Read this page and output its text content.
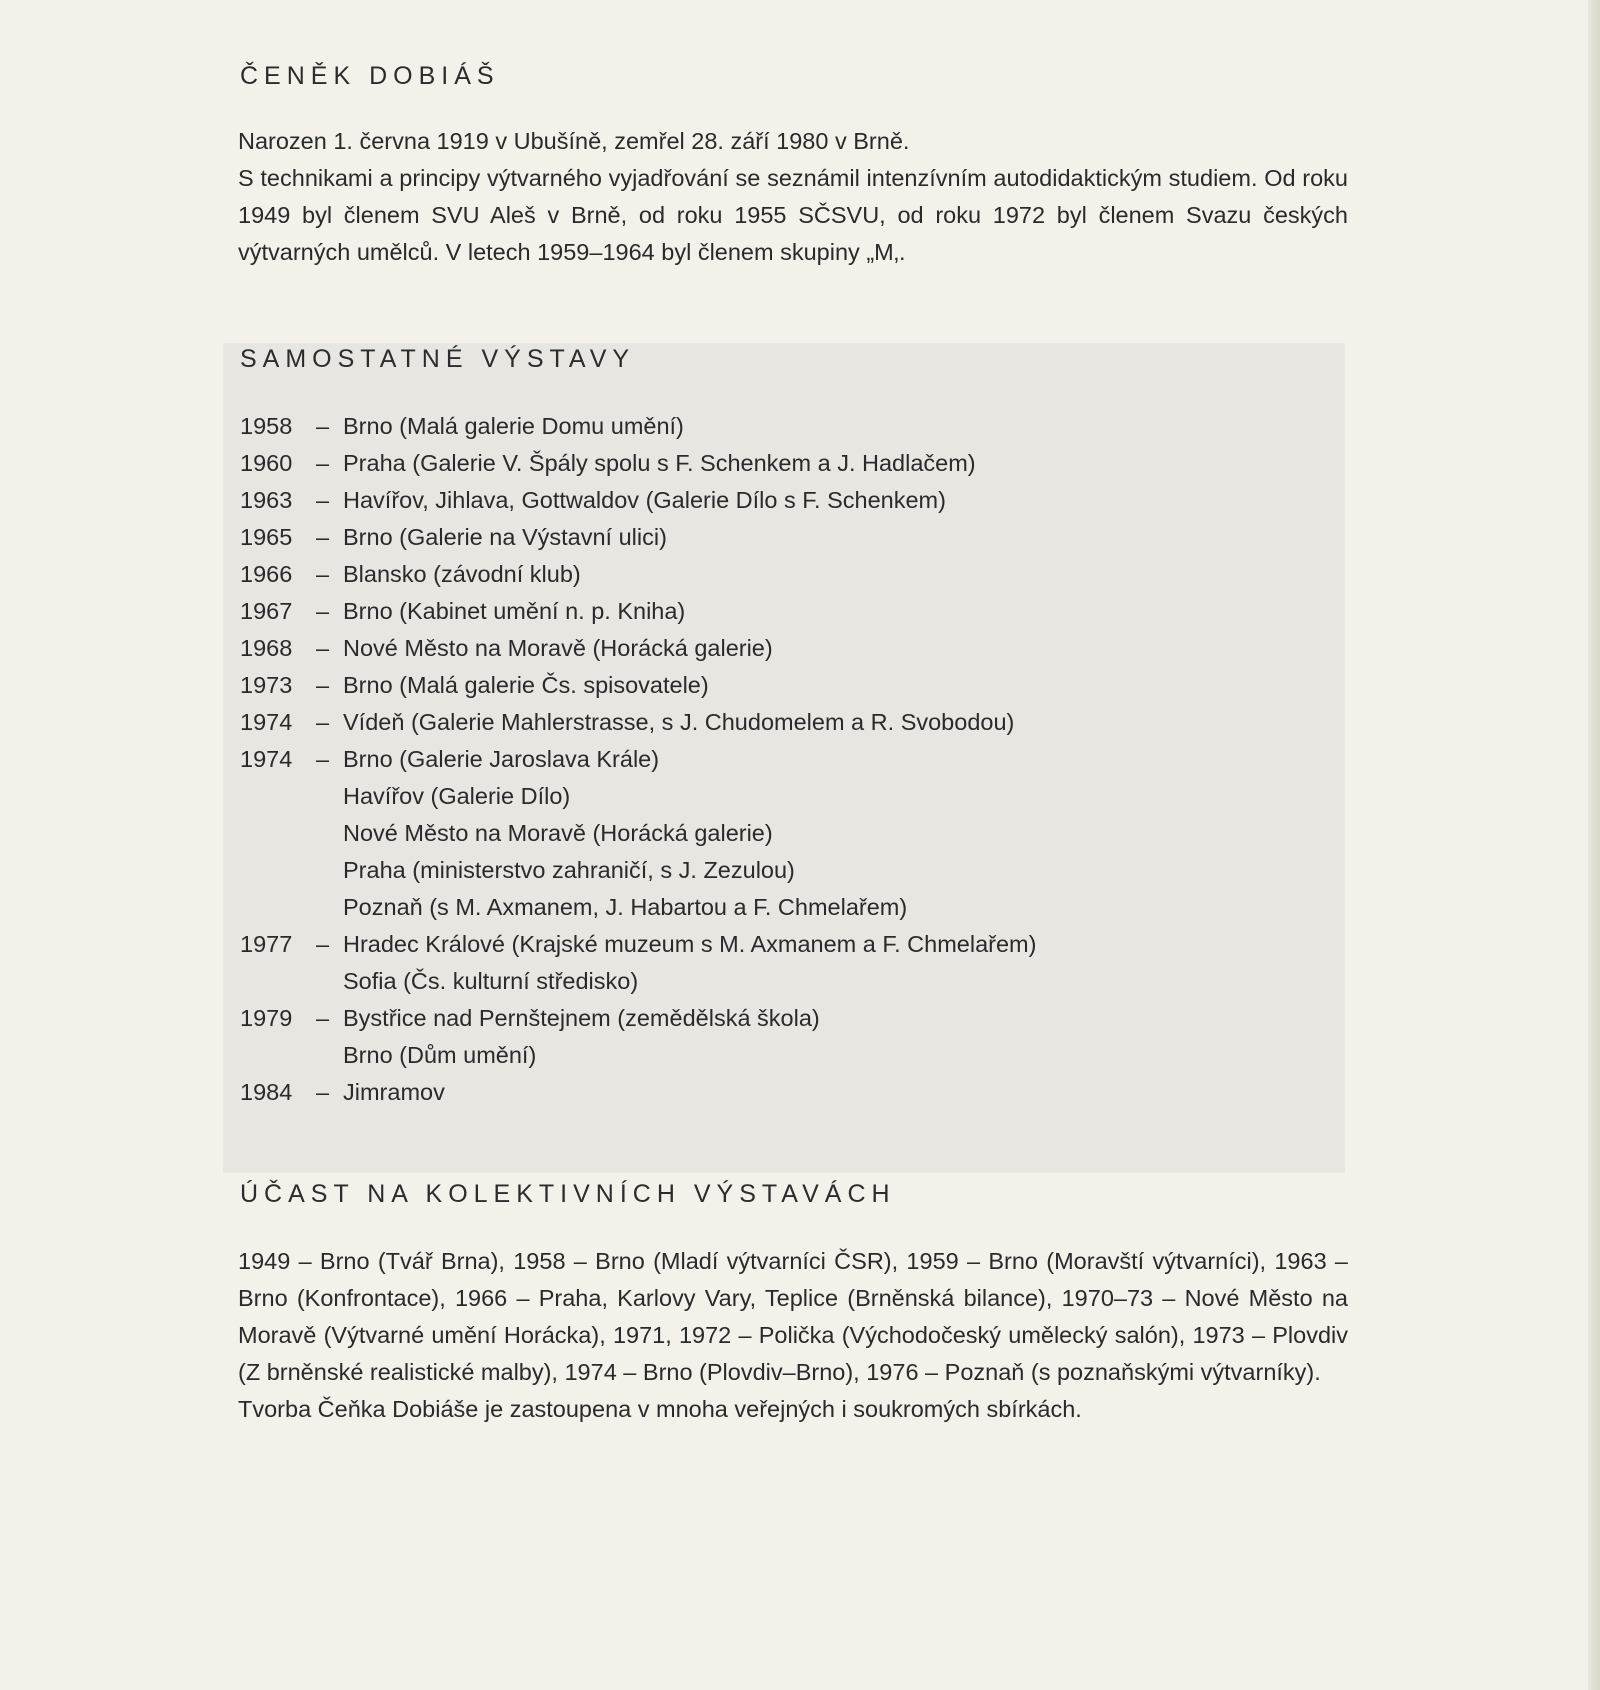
ČENĚK DOBIÁŠ

Narozen 1. června 1919 v Ubušíně, zemřel 28. září 1980 v Brně.

S technikami a principy výtvarného vyjadřování se seznámil intenzívním autodidaktickým studiem. Od roku 1949 byl členem SVU Aleš v Brně, od roku 1955 SČSVU, od roku 1972 byl členem Svazu českých výtvarných umělců. V letech 1959–1964 byl členem skupiny „M‚.

SAMOSTATNÉ VÝSTAVY
1958	– Brno (Malá galerie Domu umění)
1960	– Praha (Galerie V. Špály spolu s F. Schenkem a J. Hadlačem)
1963	– Havířov, Jihlava, Gottwaldov (Galerie Dílo s F. Schenkem)
1965	– Brno (Galerie na Výstavní ulici)
1966	– Blansko (závodní klub)
1967	– Brno (Kabinet umění n. p. Kniha)
1968	– Nové Město na Moravě (Horácká galerie)
1973	– Brno (Malá galerie Čs. spisovatele)
1974	– Vídeň (Galerie Mahlerstrasse, s J. Chudomelem a R. Svobodou)
1974	– Brno (Galerie Jaroslava Krále)
Havířov (Galerie Dílo)
Nové Město na Moravě (Horácká galerie)
Praha (ministerstvo zahraničí, s J. Zezulou)
Poznaň (s M. Axmanem, J. Habartou a F. Chmelařem)
1977	– Hradec Králové (Krajské muzeum s M. Axmanem a F. Chmelařem)
Sofia (Čs. kulturní středisko)
1979	– Bystřice nad Pernštejnem (zemědělská škola)
Brno (Dům umění)
1984	– Jimramov
ÚČAST NA KOLEKTIVNÍCH VÝSTAVÁCH

1949 – Brno (Tvář Brna), 1958 – Brno (Mladí výtvarníci ČSR), 1959 – Brno (Moravští výtvarníci), 1963 – Brno (Konfrontace), 1966 – Praha, Karlovy Vary, Teplice (Brněnská bilance), 1970–73 – Nové Město na Moravě (Výtvarné umění Horácka), 1971, 1972 – Polička (Východočeský umělecký salón), 1973 – Plovdiv (Z brněnské realistické malby), 1974 – Brno (Plovdiv–Brno), 1976 – Poznaň (s poznaňskými výtvarníky).

Tvorba Čeňka Dobiáše je zastoupena v mnoha veřejných i soukromých sbírkách.
